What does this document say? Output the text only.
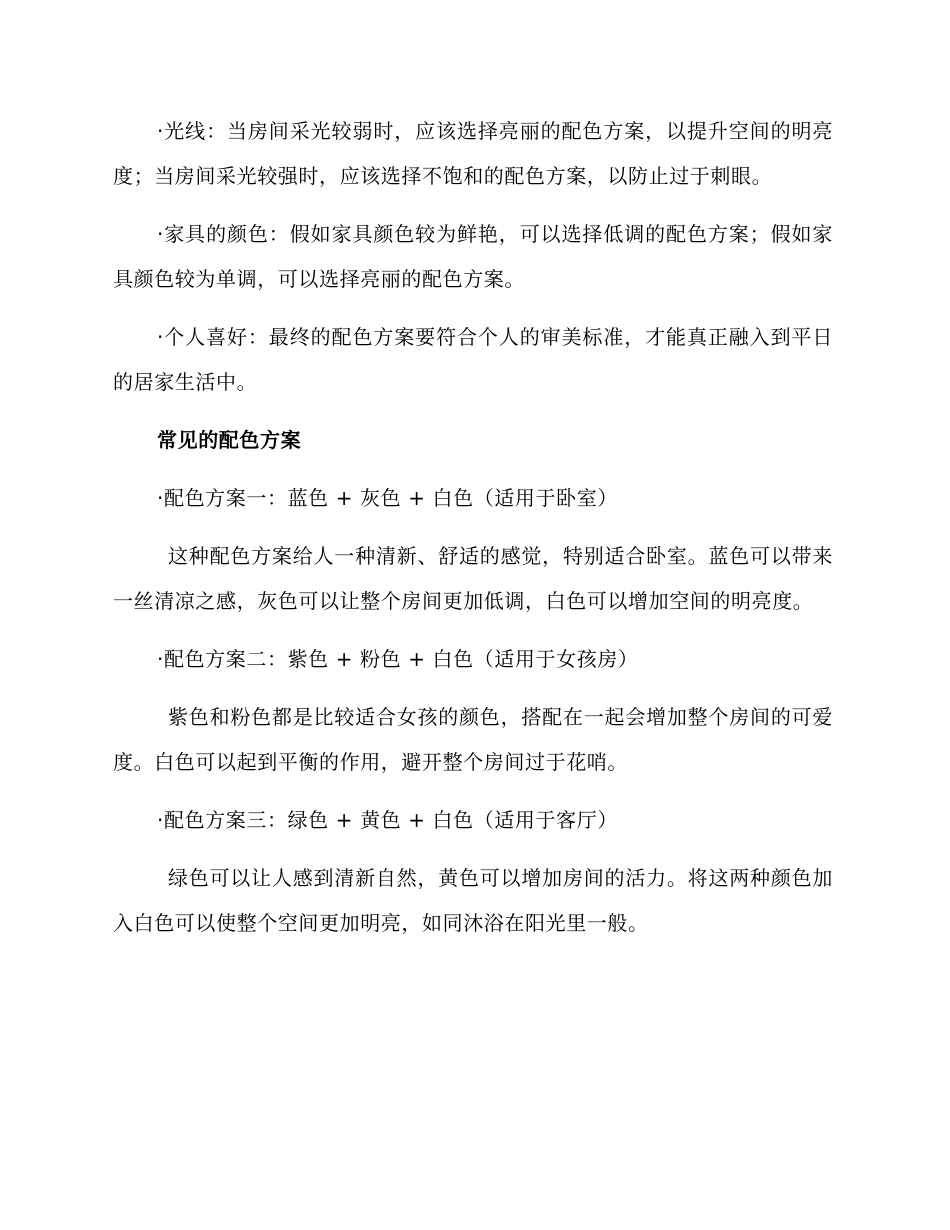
·光线：当房间采光较弱时，应该选择亮丽的配色方案，以提升空间的明亮度；当房间采光较强时，应该选择不饱和的配色方案，以防止过于刺眼。

·家具的颜色：假如家具颜色较为鲜艳，可以选择低调的配色方案；假如家具颜色较为单调，可以选择亮丽的配色方案。

·个人喜好：最终的配色方案要符合个人的审美标准，才能真正融入到平日的居家生活中。

常见的配色方案

·配色方案一：蓝色 + 灰色 + 白色（适用于卧室）

这种配色方案给人一种清新、舒适的感觉，特别适合卧室。蓝色可以带来一丝清凉之感，灰色可以让整个房间更加低调，白色可以增加空间的明亮度。

·配色方案二：紫色 + 粉色 + 白色（适用于女孩房）

紫色和粉色都是比较适合女孩的颜色，搭配在一起会增加整个房间的可爱度。白色可以起到平衡的作用，避开整个房间过于花哨。

·配色方案三：绿色 + 黄色 + 白色（适用于客厅）

绿色可以让人感到清新自然，黄色可以增加房间的活力。将这两种颜色加入白色可以使整个空间更加明亮，如同沐浴在阳光里一般。
